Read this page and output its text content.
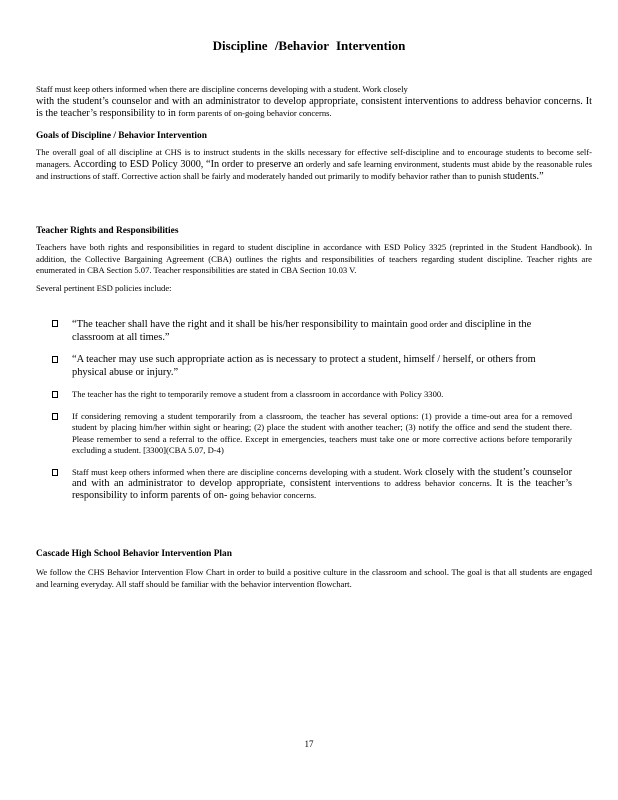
Discipline /Behavior Intervention
Staff must keep others informed when there are discipline concerns developing with a student. Work closely
with the student’s counselor and with an administrator to develop appropriate, consistent interventions to address behavior concerns. It is the teacher’s responsibility to in form parents of on-going behavior concerns.
Goals of Discipline / Behavior Intervention
The overall goal of all discipline at CHS is to instruct students in the skills necessary for effective self-discipline and to encourage students to become self-managers. According to ESD Policy 3000, “In order to preserve an orderly and safe learning environment, students must abide by the reasonable rules and instructions of staff. Corrective action shall be fairly and moderately handed out primarily to modify behavior rather than to punish students.”
Teacher Rights and Responsibilities
Teachers have both rights and responsibilities in regard to student discipline in accordance with ESD Policy 3325 (reprinted in the Student Handbook). In addition, the Collective Bargaining Agreement (CBA) outlines the rights and responsibilities of teachers regarding student discipline. Teacher rights are enumerated in CBA Section 5.07. Teacher responsibilities are stated in CBA Section 10.03 V.
Several pertinent ESD policies include:

“The teacher shall have the right and it shall be his/her responsibility to maintain good order and discipline in the classroom at all times.”

“A teacher may use such appropriate action as is necessary to protect a student, himself / herself, or others from physical abuse or injury.”

The teacher has the right to temporarily remove a student from a classroom in accordance with Policy 3300.

If considering removing a student temporarily from a classroom, the teacher has several options: (1) provide a time-out area for a removed student by placing him/her within sight or hearing; (2) place the student with another teacher; (3) notify the office and send the student there. Please remember to send a referral to the office. Except in emergencies, teachers must take one or more corrective actions before temporarily excluding a student. [3300](CBA 5.07, D-4)

Staff must keep others informed when there are discipline concerns developing with a student. Work closely with the student’s counselor and with an administrator to develop appropriate, consistent interventions to address behavior concerns. It is the teacher’s responsibility to inform parents of on- going behavior concerns.

Cascade High School Behavior Intervention Plan
We follow the CHS Behavior Intervention Flow Chart in order to build a positive culture in the classroom and school. The goal is that all students are engaged and learning everyday. All staff should be familiar with the behavior intervention flowchart.
17
